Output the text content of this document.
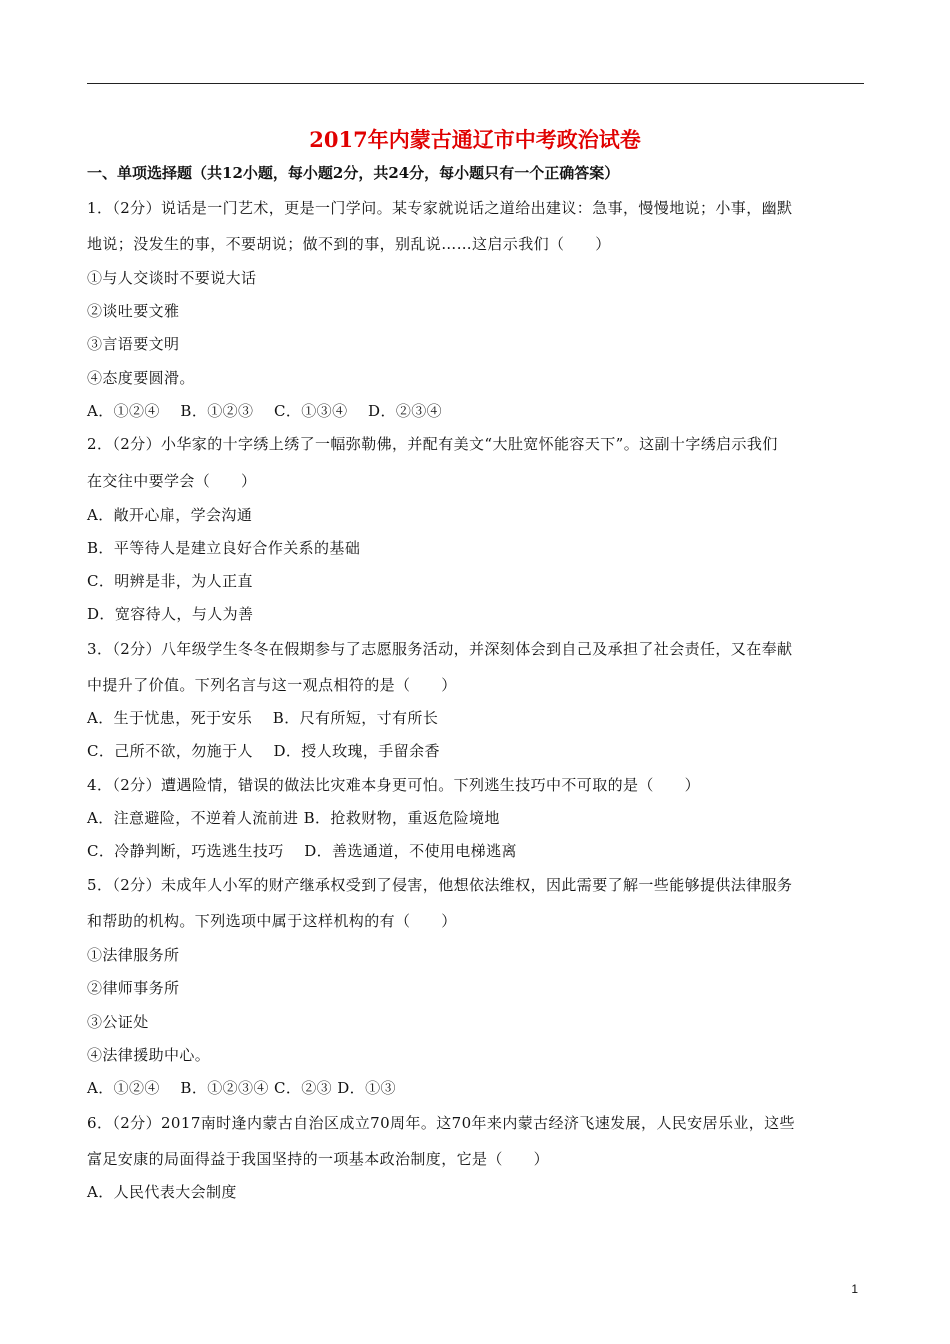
2017年内蒙古通辽市中考政治试卷
一、单项选择题（共12小题，每小题2分，共24分，每小题只有一个正确答案）
1．（2分）说话是一门艺术，更是一门学问。某专家就说话之道给出建议：急事，慢慢地说；小事，幽默
地说；没发生的事，不要胡说；做不到的事，别乱说……这启示我们（　　）
①与人交谈时不要说大话
②谈吐要文雅
③言语要文明
④态度要圆滑。
A．①②④　 B．①②③　 C．①③④　 D．②③④
2．（2分）小华家的十字绣上绣了一幅弥勒佛，并配有美文“大肚宽怀能容天下”。这副十字绣启示我们
在交往中要学会（　　）
A．敞开心扉，学会沟通
B．平等待人是建立良好合作关系的基础
C．明辨是非，为人正直
D．宽容待人，与人为善
3．（2分）八年级学生冬冬在假期参与了志愿服务活动，并深刻体会到自己及承担了社会责任，又在奉献
中提升了价值。下列名言与这一观点相符的是（　　）
A．生于忧患，死于安乐　 B．尺有所短，寸有所长
C．己所不欲，勿施于人　 D．授人玫瑰，手留余香
4．（2分）遭遇险情，错误的做法比灾难本身更可怕。下列逃生技巧中不可取的是（　　）
A．注意避险，不逆着人流前进 B．抢救财物，重返危险境地
C．冷静判断，巧选逃生技巧　 D．善选通道，不使用电梯逃离
5．（2分）未成年人小军的财产继承权受到了侵害，他想依法维权，因此需要了解一些能够提供法律服务
和帮助的机构。下列选项中属于这样机构的有（　　）
①法律服务所
②律师事务所
③公证处
④法律援助中心。
A．①②④　 B．①②③④ C．②③ D．①③
6．（2分）2017南时逢内蒙古自治区成立70周年。这70年来内蒙古经济飞速发展，人民安居乐业，这些
富足安康的局面得益于我国坚持的一项基本政治制度，它是（　　）
A．人民代表大会制度
1
